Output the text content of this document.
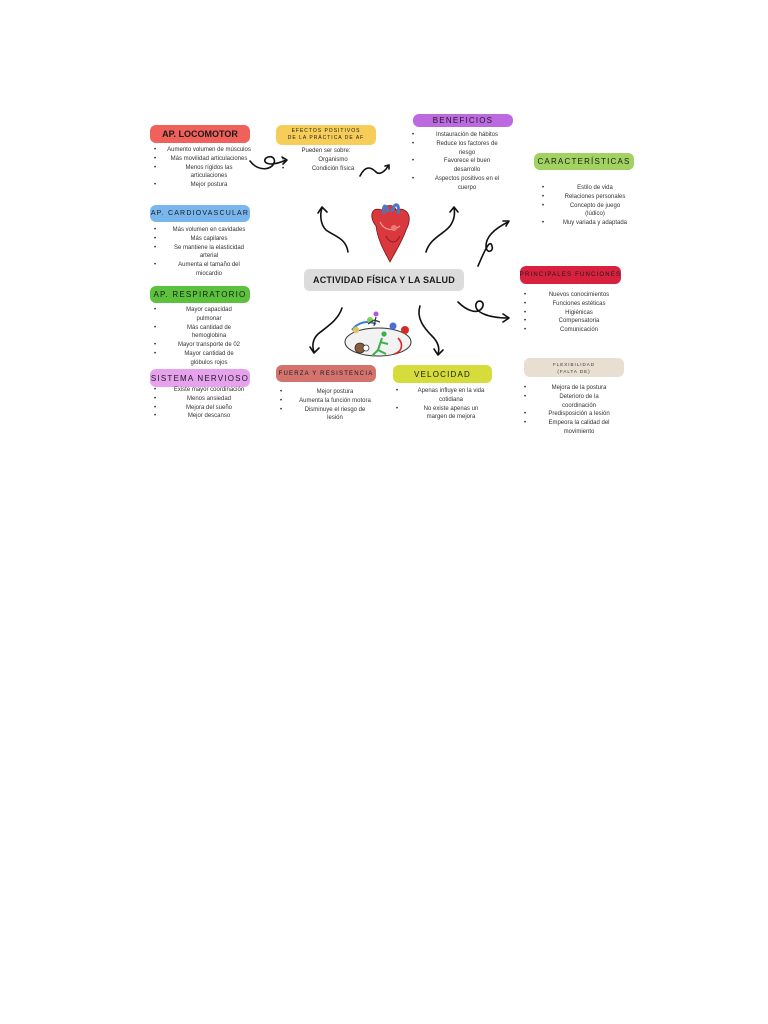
ACTIVIDAD FÍSICA Y LA SALUD
AP. LOCOMOTOR
• Aumento volumen de músculos
• Más movilidad articulaciones
• Menos rígidos las articulaciones
• Mejor postura
AP. CARDIOVASCULAR
• Más volumen en cavidades
• Más capilares
• Se mantiene la elasticidad arterial
• Aumenta el tamaño del miocardio
AP. RESPIRATORIO
• Mayor capacidad pulmonar
• Más cantidad de hemoglobina
• Mayor transporte de 02
• Mayor cantidad de glóbulos rojos
SISTEMA NERVIOSO
• Existe mayor coordinación
• Menos ansiedad
• Mejora del sueño
• Mejor descanso
EFECTOS POSITIVOS
DE LA PRÁCTICA DE AF
Pueden ser sobre:
• Organismo
• Condición física
BENEFICIOS
• Instauración de hábitos
• Reduce los factores de riesgo
• Favorece el buen desarrollo
• Aspectos positivos en el cuerpo
CARACTERÍSTICAS
• Estilo de vida
• Relaciones personales
• Concepto de juego (lúdico)
• Muy variada y adaptada
PRINCIPALES FUNCIONES
• Nuevos conocimientos
• Funciones estéticas
• Higiénicas
• Compensatoria
• Comunicación
FLEXIBILIDAD
(FALTA DE)
• Mejora de la postura
• Deterioro de la coordinación
• Predisposición a lesión
• Empeora la calidad del movimiento
FUERZA Y RESISTENCIA
• Mejor postura
• Aumenta la función motora
• Disminuye el riesgo de lesión
VELOCIDAD
• Apenas influye en la vida cotidiana
• No existe apenas un margen de mejora
